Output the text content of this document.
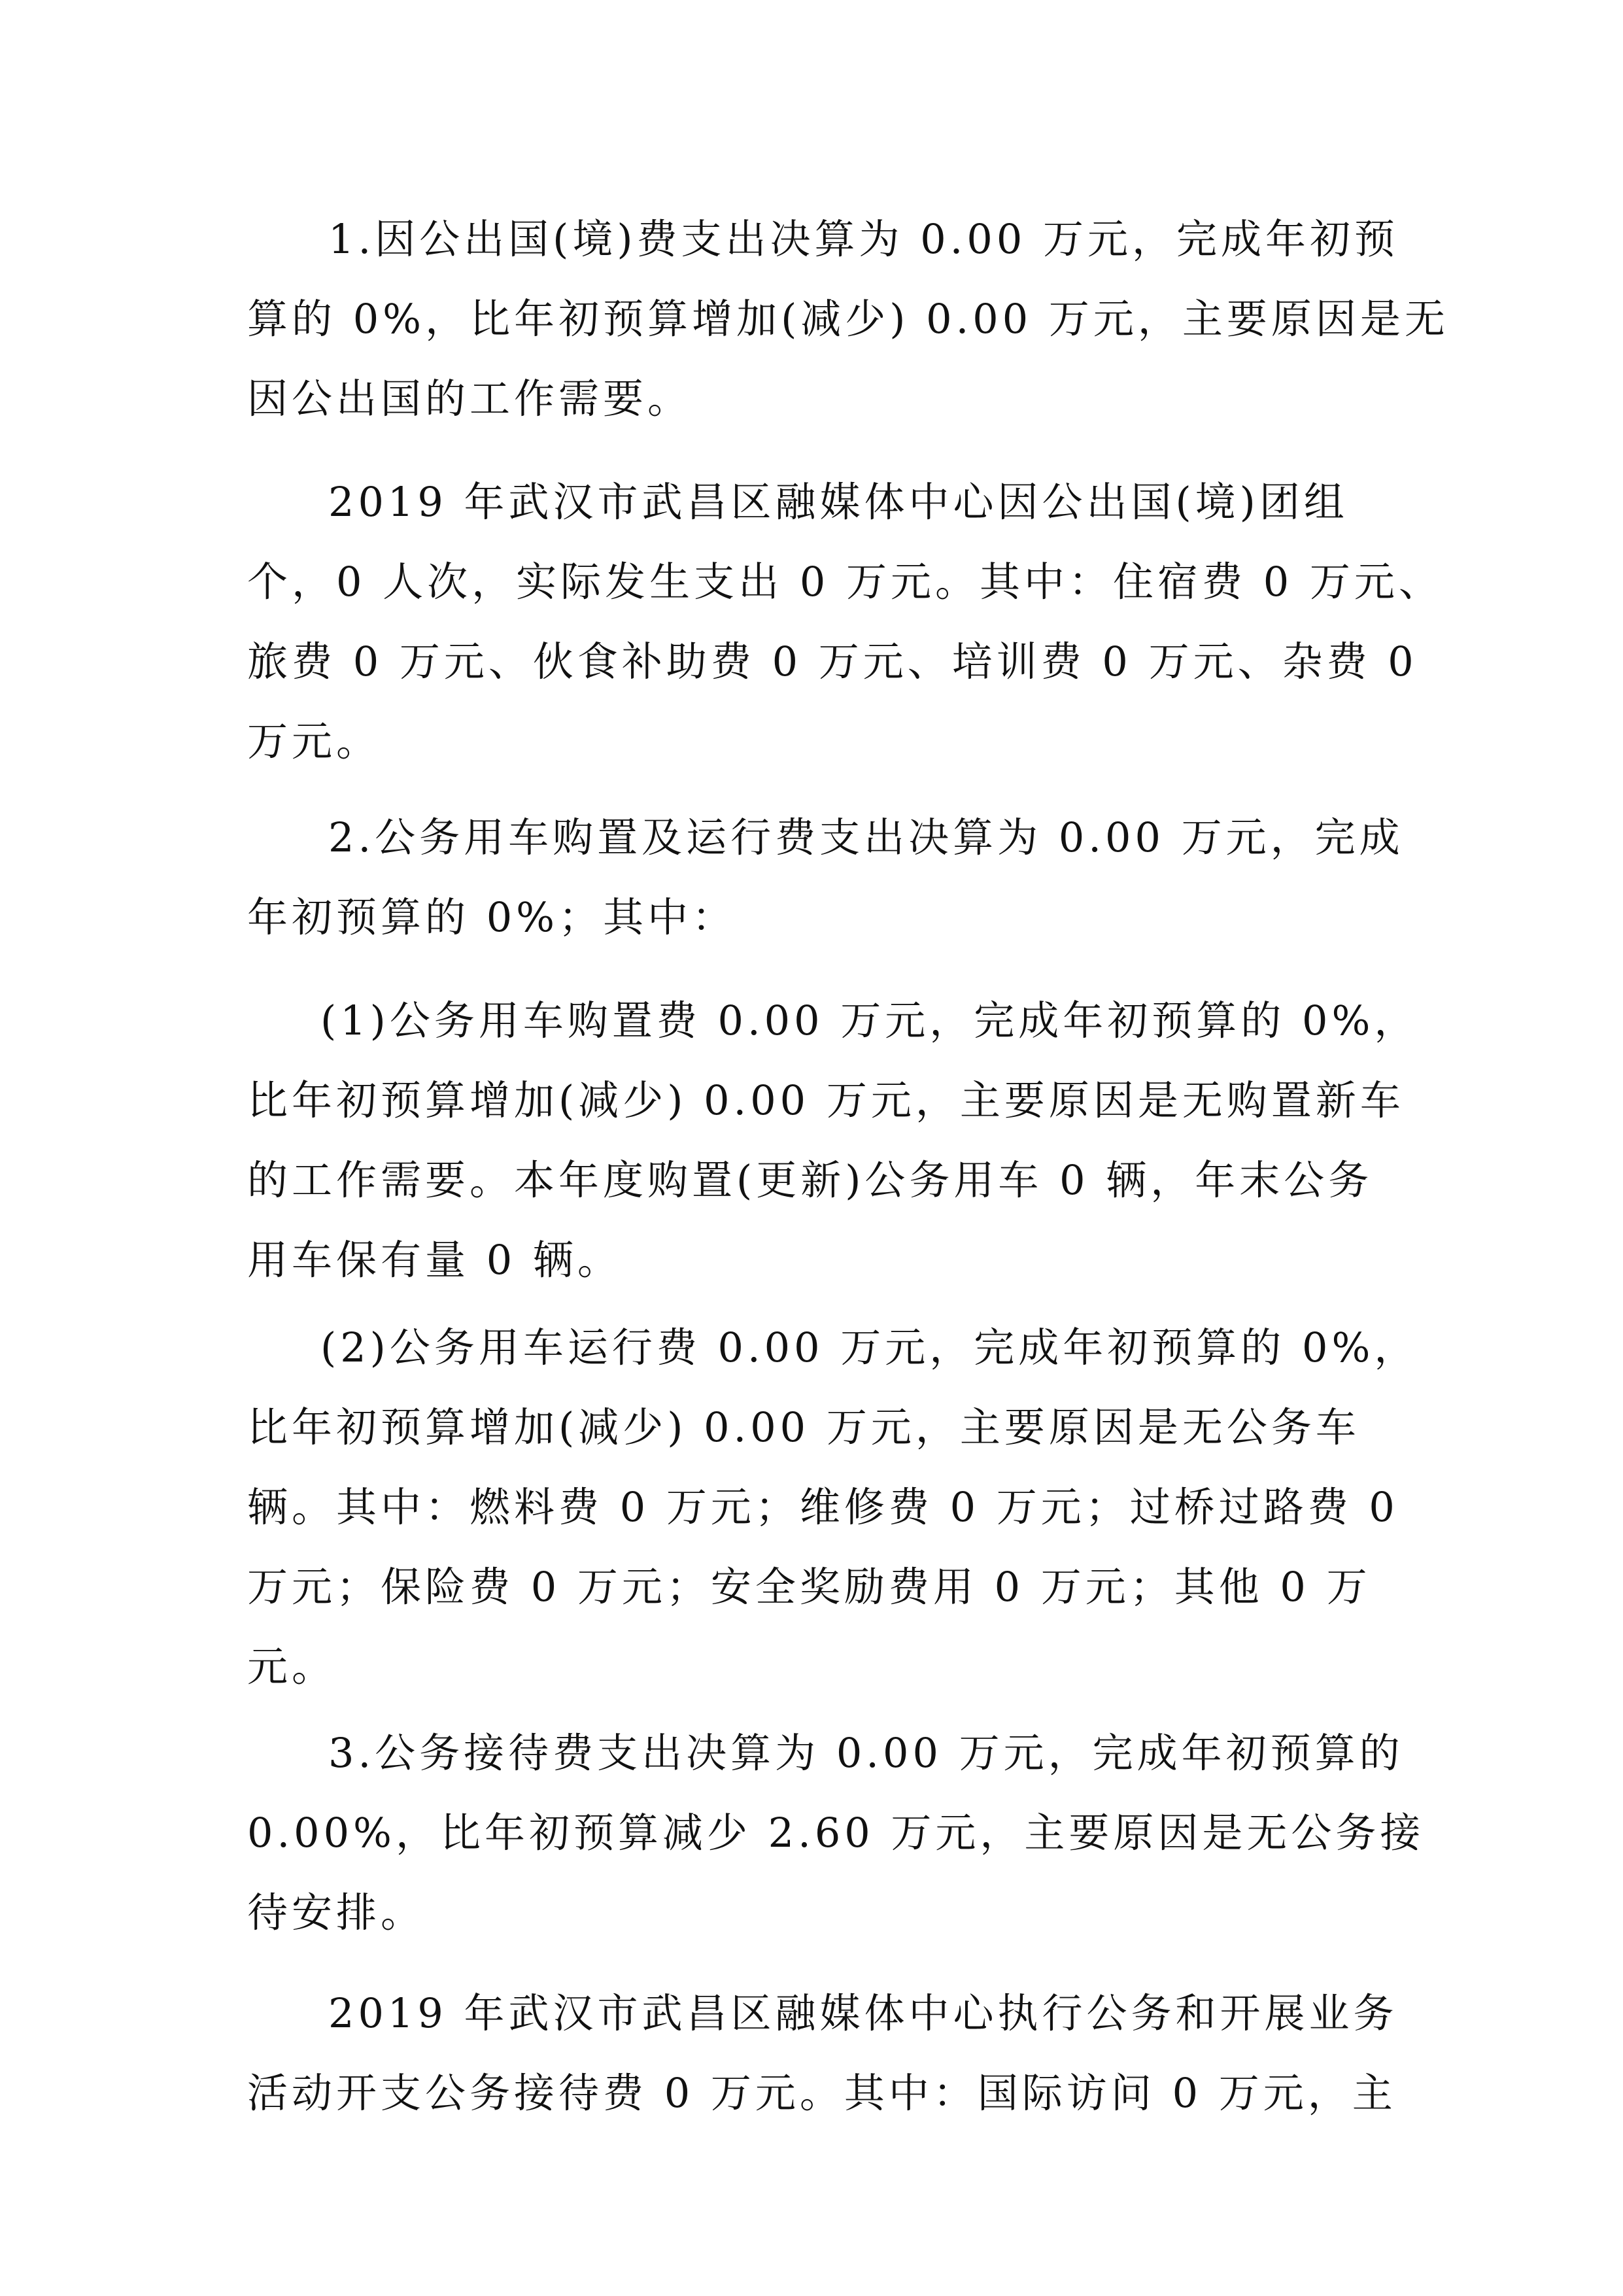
1.因公出国(境)费支出决算为 0.00 万元，完成年初预
算的 0%，比年初预算增加(减少) 0.00 万元，主要原因是无
因公出国的工作需要。
2019 年武汉市武昌区融媒体中心因公出国(境)团组
个，0 人次，实际发生支出 0 万元。其中：住宿费 0 万元、
旅费 0 万元、伙食补助费 0 万元、培训费 0 万元、杂费 0
万元。
2.公务用车购置及运行费支出决算为 0.00 万元，完成
年初预算的 0%；其中：
(1)公务用车购置费 0.00 万元，完成年初预算的 0%，
比年初预算增加(减少) 0.00 万元，主要原因是无购置新车
的工作需要。本年度购置(更新)公务用车 0 辆，年末公务
用车保有量 0 辆。
(2)公务用车运行费 0.00 万元，完成年初预算的 0%，
比年初预算增加(减少) 0.00 万元，主要原因是无公务车
辆。其中：燃料费 0 万元；维修费 0 万元；过桥过路费 0
万元；保险费 0 万元；安全奖励费用 0 万元；其他 0 万
元。
3.公务接待费支出决算为 0.00 万元，完成年初预算的
0.00%，比年初预算减少 2.60 万元，主要原因是无公务接
待安排。
2019 年武汉市武昌区融媒体中心执行公务和开展业务
活动开支公务接待费 0 万元。其中：国际访问 0 万元，主
